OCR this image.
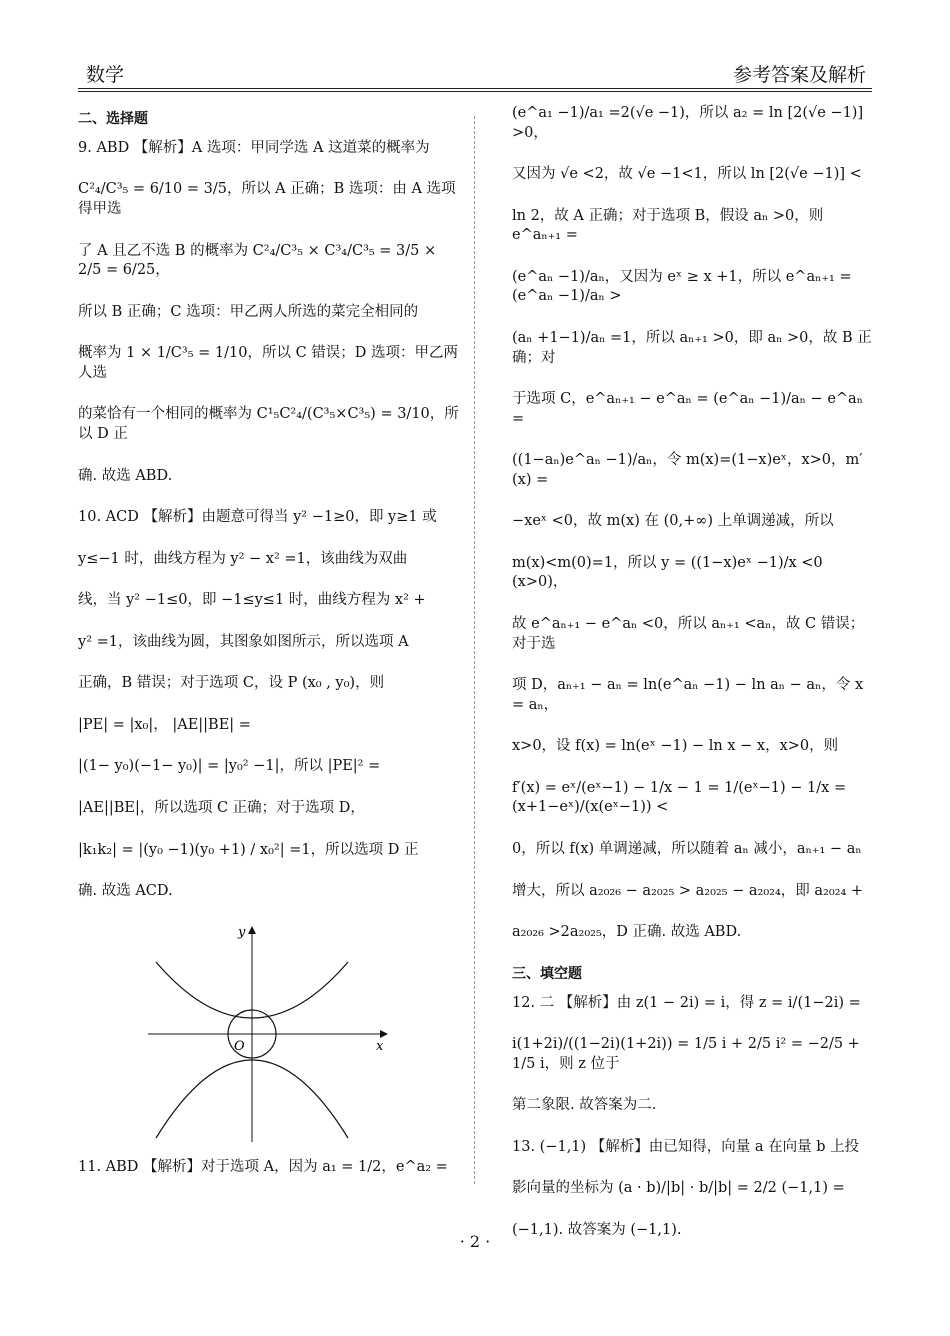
数学	参考答案及解析
二、选择题
9. ABD 【解析】A 选项：甲同学选 A 这道菜的概率为
C²₄/C³₅ = 6/10 = 3/5，所以 A 正确；B 选项：由 A 选项得甲选
了 A 且乙不选 B 的概率为 C²₄/C³₅ × C³₄/C³₅ = 3/5 × 2/5 = 6/25，
所以 B 正确；C 选项：甲乙两人所选的菜完全相同的
概率为 1 × 1/C³₅ = 1/10，所以 C 错误；D 选项：甲乙两人选
的菜恰有一个相同的概率为 C¹₅C²₄/(C³₅×C³₅) = 3/10，所以 D 正
确. 故选 ABD.
10. ACD 【解析】由题意可得当 y² −1≥0，即 y≥1 或
y≤−1 时，曲线方程为 y² − x² =1，该曲线为双曲
线，当 y² −1≤0，即 −1≤y≤1 时，曲线方程为 x² +
y² =1，该曲线为圆，其图象如图所示，所以选项 A
正确，B 错误；对于选项 C，设 P (x₀ , y₀)，则
|PE| = |x₀|， |AE||BE| =
|(1− y₀)(−1− y₀)| = |y₀² −1|，所以 |PE|² =
|AE||BE|，所以选项 C 正确；对于选项 D，
|k₁k₂| = |(y₀ −1)(y₀ +1) / x₀²| =1，所以选项 D 正
确. 故选 ACD.
y
x
O
11. ABD 【解析】对于选项 A，因为 a₁ = 1/2，e^a₂ =
(e^a₁ −1)/a₁ =2(√e −1)，所以 a₂ = ln [2(√e −1)] >0，
又因为 √e <2，故 √e −1<1，所以 ln [2(√e −1)] <
ln 2，故 A 正确；对于选项 B，假设 aₙ >0，则 e^aₙ₊₁ =
(e^aₙ −1)/aₙ，又因为 eˣ ≥ x +1，所以 e^aₙ₊₁ = (e^aₙ −1)/aₙ >
(aₙ +1−1)/aₙ =1，所以 aₙ₊₁ >0，即 aₙ >0，故 B 正确；对
于选项 C，e^aₙ₊₁ − e^aₙ = (e^aₙ −1)/aₙ − e^aₙ =
((1−aₙ)e^aₙ −1)/aₙ，令 m(x)=(1−x)eˣ，x>0，m′(x) =
−xeˣ <0，故 m(x) 在 (0,+∞) 上单调递减，所以
m(x)<m(0)=1，所以 y = ((1−x)eˣ −1)/x <0 (x>0)，
故 e^aₙ₊₁ − e^aₙ <0，所以 aₙ₊₁ <aₙ，故 C 错误；对于选
项 D，aₙ₊₁ − aₙ = ln(e^aₙ −1) − ln aₙ − aₙ，令 x = aₙ，
x>0，设 f(x) = ln(eˣ −1) − ln x − x，x>0，则
f′(x) = eˣ/(eˣ−1) − 1/x − 1 = 1/(eˣ−1) − 1/x = (x+1−eˣ)/(x(eˣ−1)) <
0，所以 f(x) 单调递减，所以随着 aₙ 减小，aₙ₊₁ − aₙ
增大，所以 a₂₀₂₆ − a₂₀₂₅ > a₂₀₂₅ − a₂₀₂₄，即 a₂₀₂₄ +
a₂₀₂₆ >2a₂₀₂₅，D 正确. 故选 ABD.
三、填空题
12. 二 【解析】由 z(1 − 2i) = i，得 z = i/(1−2i) =
i(1+2i)/((1−2i)(1+2i)) = 1/5 i + 2/5 i² = −2/5 + 1/5 i，则 z 位于
第二象限. 故答案为二.
13. (−1,1) 【解析】由已知得，向量 a 在向量 b 上投
影向量的坐标为 (a · b)/|b| · b/|b| = 2/2 (−1,1) =
(−1,1). 故答案为 (−1,1).
· 2 ·
